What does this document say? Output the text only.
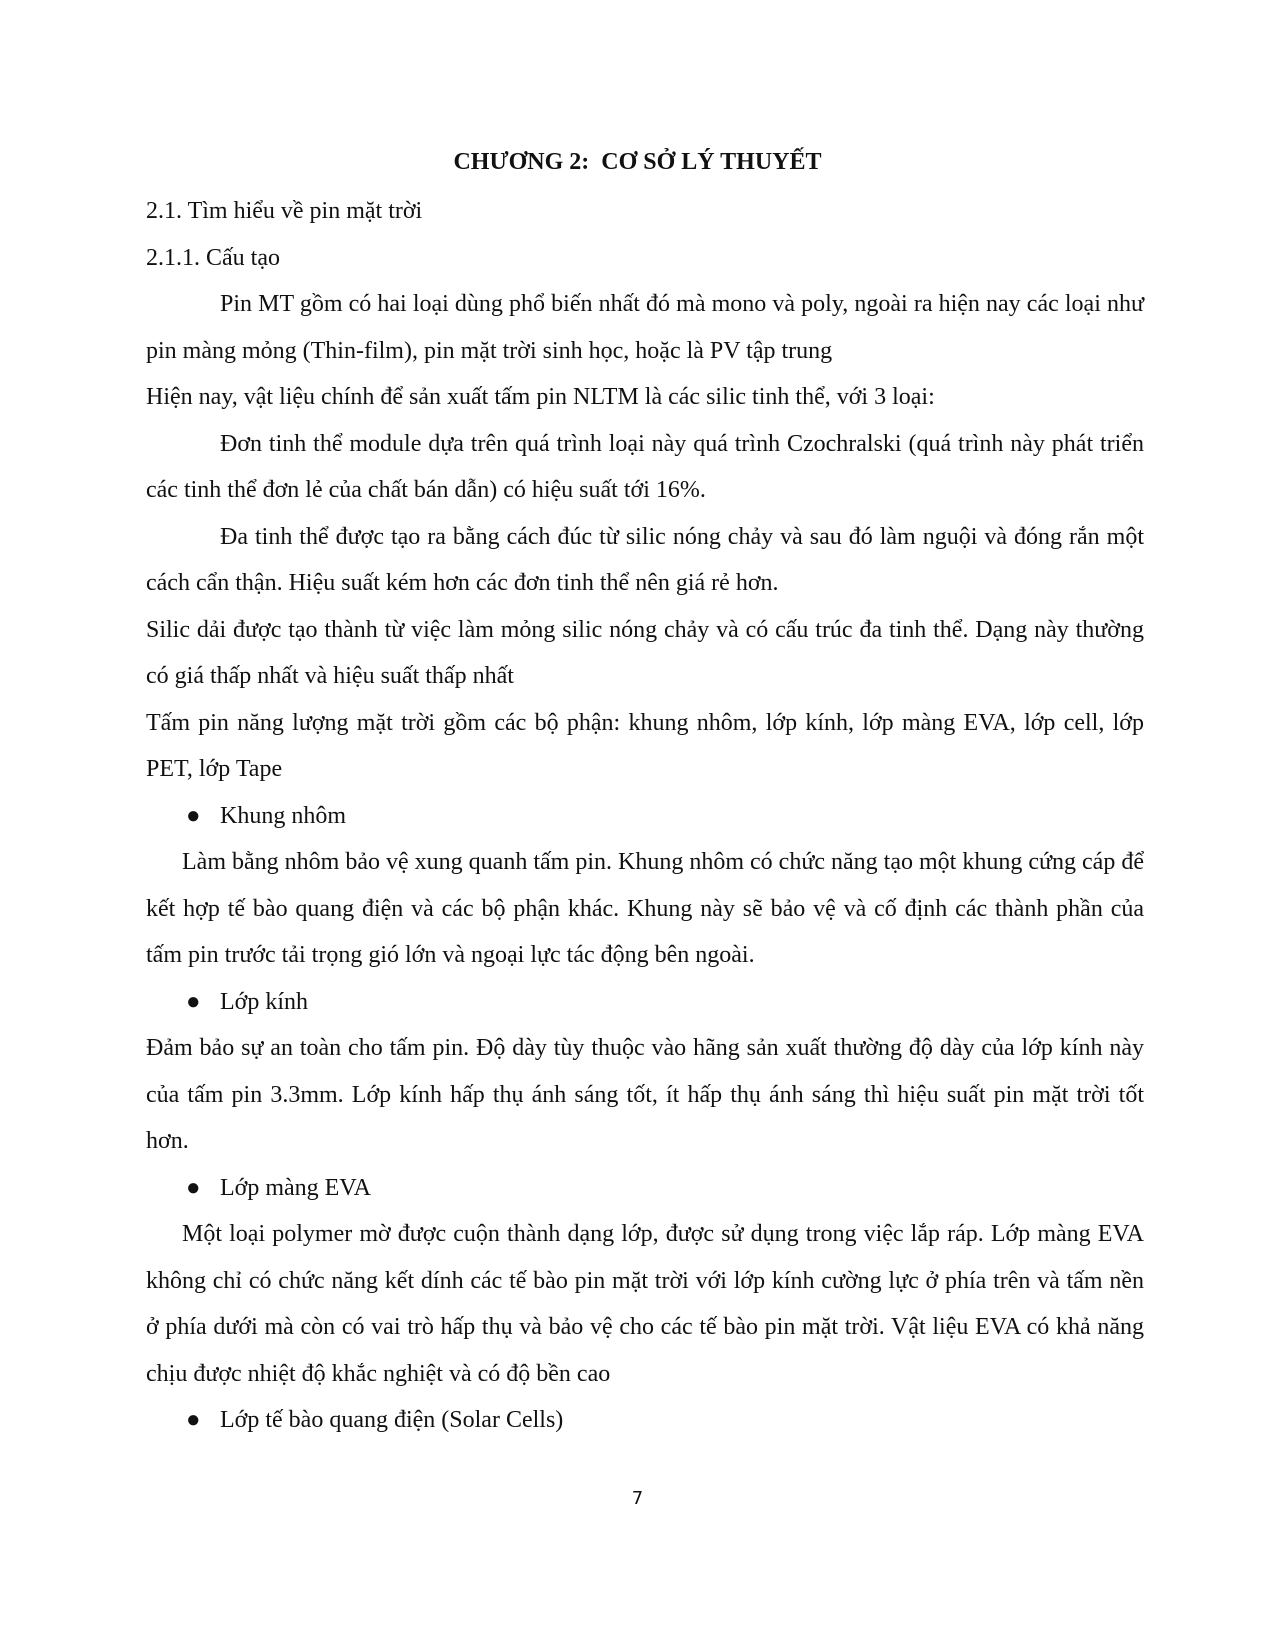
CHƯƠNG 2:  CƠ SỞ LÝ THUYẾT

2.1. Tìm hiểu về pin mặt trời

2.1.1. Cấu tạo

Pin MT gồm có hai loại dùng phổ biến nhất đó mà mono và poly, ngoài ra hiện nay các loại như pin màng mỏng (Thin-film), pin mặt trời sinh học, hoặc là PV tập trung

Hiện nay, vật liệu chính để sản xuất tấm pin NLTM là các silic tinh thể, với 3 loại:

Đơn tinh thể module dựa trên quá trình loại này quá trình Czochralski (quá trình này phát triển các tinh thể đơn lẻ của chất bán dẫn) có hiệu suất tới 16%.

Đa tinh thể được tạo ra bằng cách đúc từ silic nóng chảy và sau đó làm nguội và đóng rắn một cách cẩn thận. Hiệu suất kém hơn các đơn tinh thể nên giá rẻ hơn.

Silic dải được tạo thành từ việc làm mỏng silic nóng chảy và có cấu trúc đa tinh thể. Dạng này thường có giá thấp nhất và hiệu suất thấp nhất

Tấm pin năng lượng mặt trời gồm các bộ phận: khung nhôm, lớp kính, lớp màng EVA, lớp cell, lớp PET, lớp Tape

● Khung nhôm

Làm bằng nhôm bảo vệ xung quanh tấm pin. Khung nhôm có chức năng tạo một khung cứng cáp để kết hợp tế bào quang điện và các bộ phận khác. Khung này sẽ bảo vệ và cố định các thành phần của tấm pin trước tải trọng gió lớn và ngoại lực tác động bên ngoài.

● Lớp kính

Đảm bảo sự an toàn cho tấm pin. Độ dày tùy thuộc vào hãng sản xuất thường độ dày của lớp kính này của tấm pin 3.3mm. Lớp kính hấp thụ ánh sáng tốt, ít hấp thụ ánh sáng thì hiệu suất pin mặt trời tốt hơn.

● Lớp màng EVA

Một loại polymer mờ được cuộn thành dạng lớp, được sử dụng trong việc lắp ráp. Lớp màng EVA không chỉ có chức năng kết dính các tế bào pin mặt trời với lớp kính cường lực ở phía trên và tấm nền ở phía dưới mà còn có vai trò hấp thụ và bảo vệ cho các tế bào pin mặt trời. Vật liệu EVA có khả năng chịu được nhiệt độ khắc nghiệt và có độ bền cao

● Lớp tế bào quang điện (Solar Cells)

7
